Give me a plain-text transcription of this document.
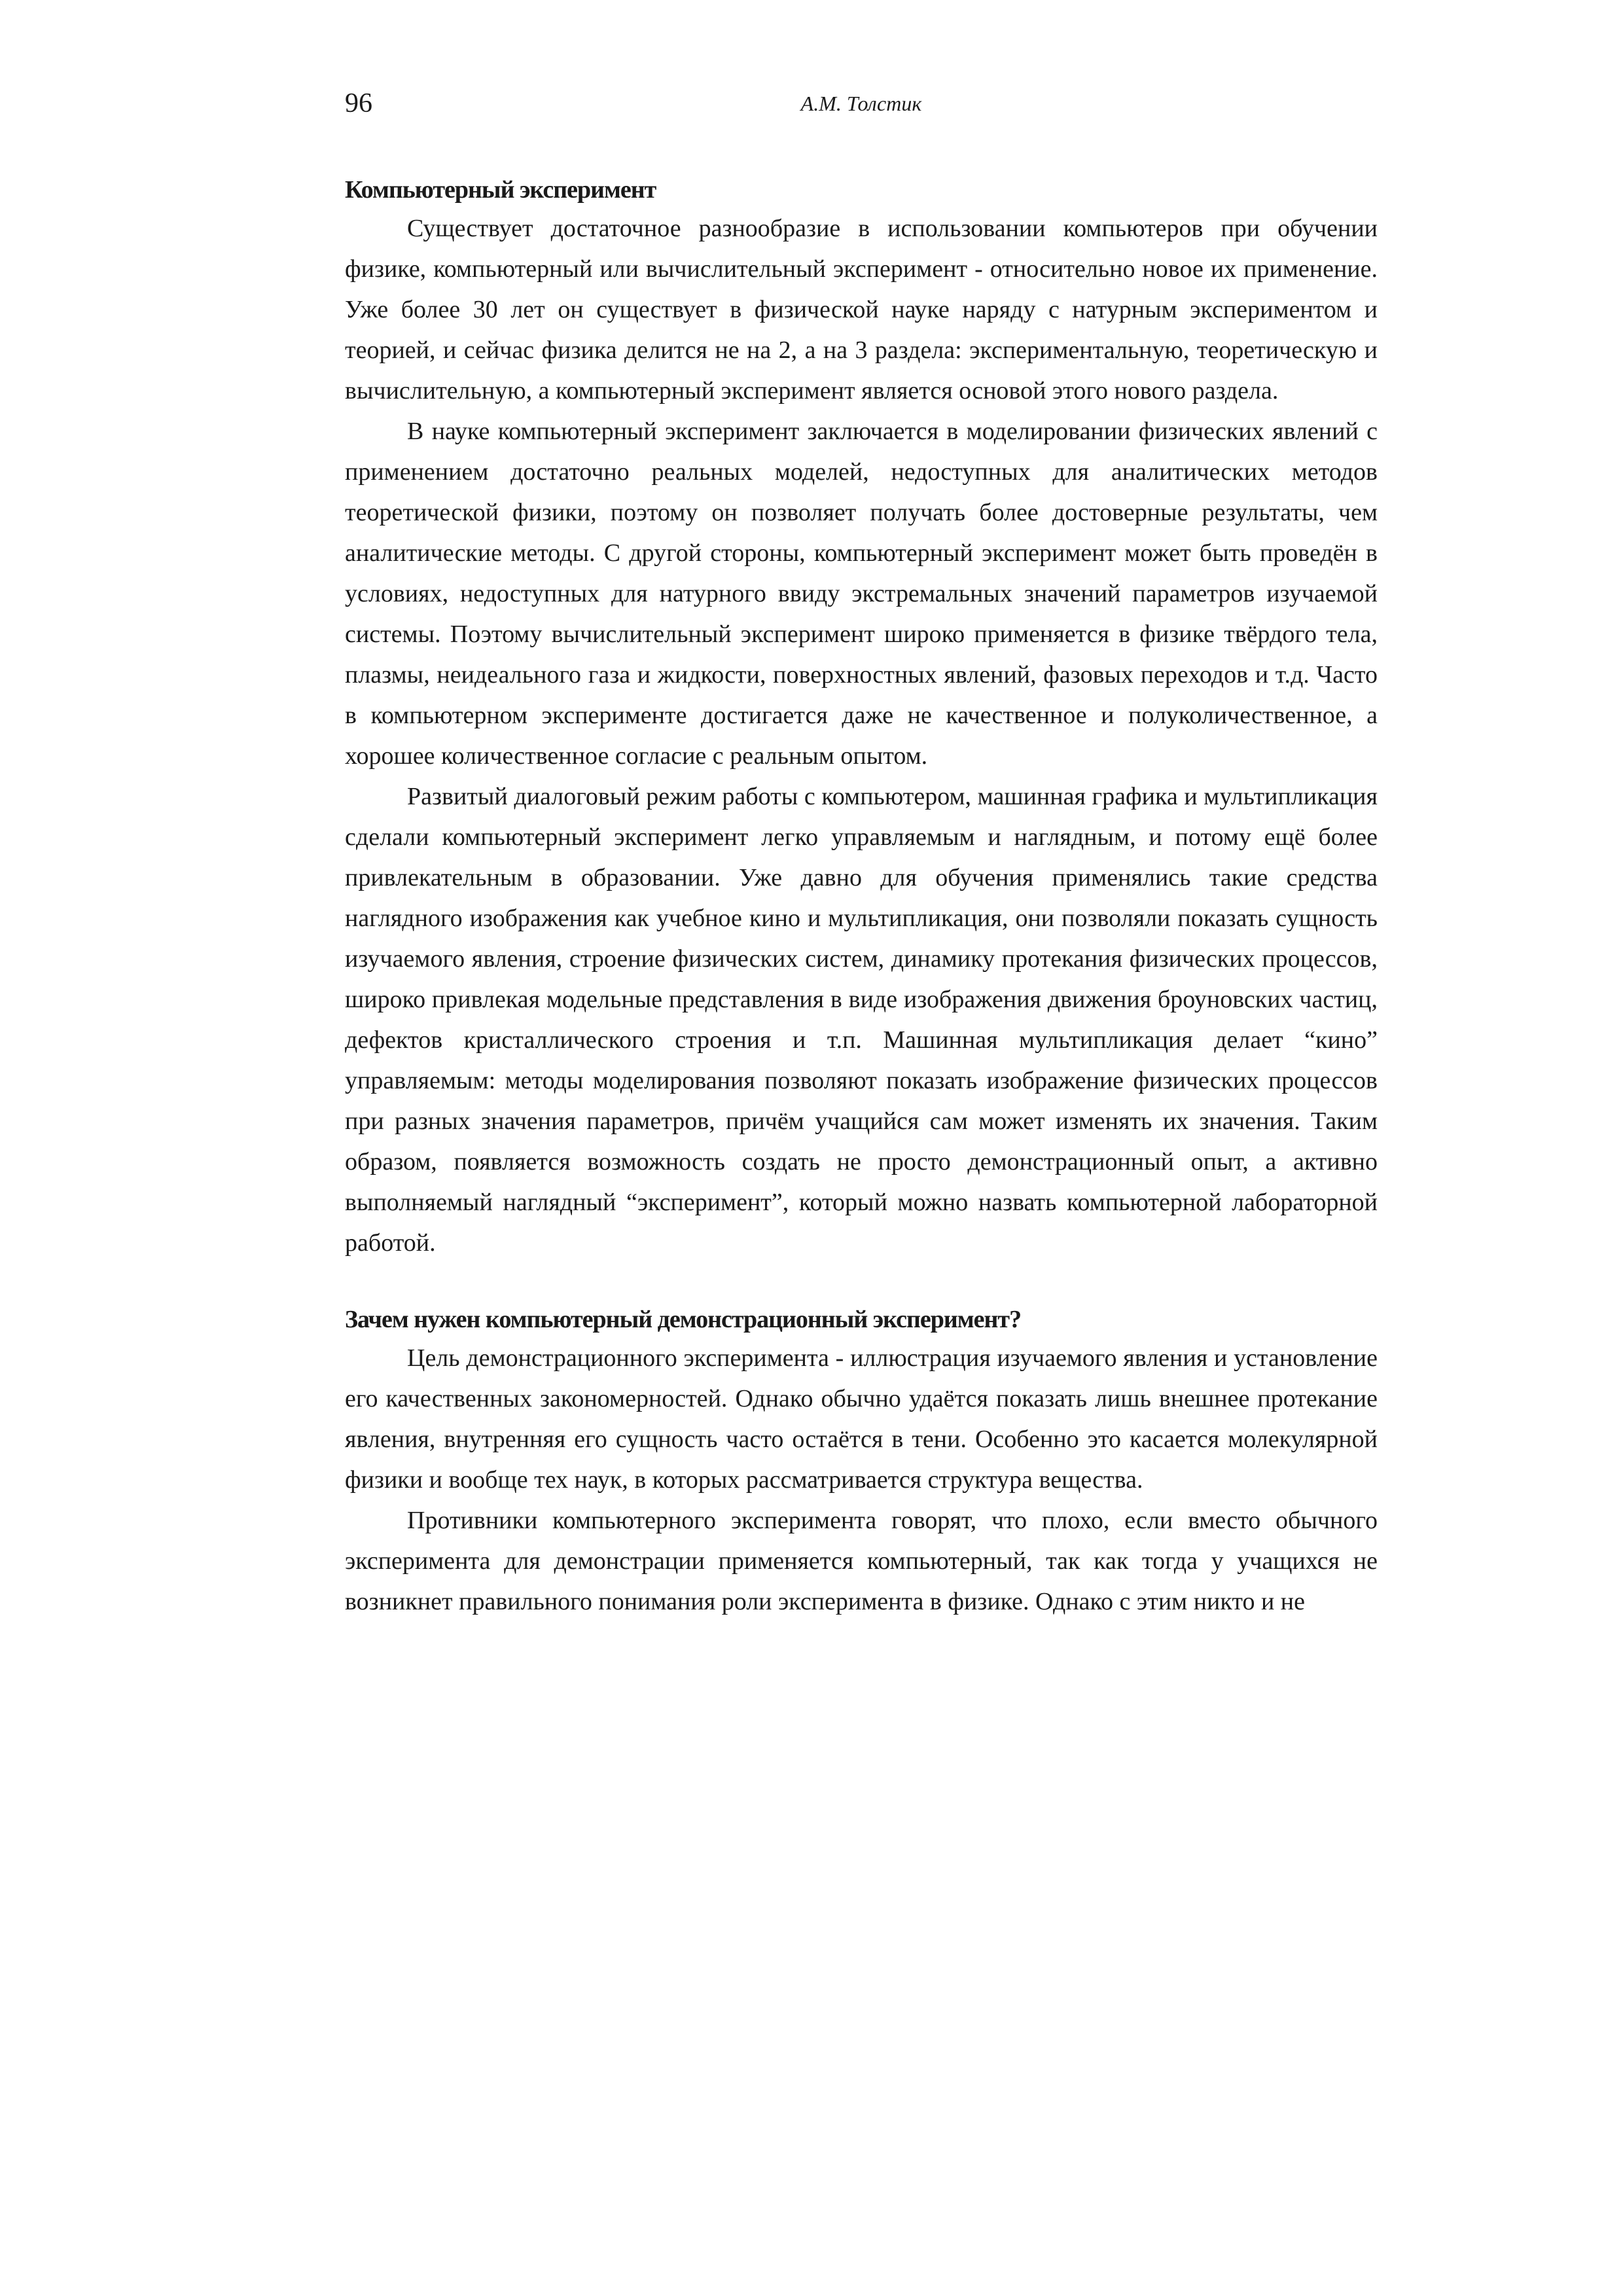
96	А.М. Толстик
Компьютерный эксперимент

Существует достаточное разнообразие в использовании компьютеров при обучении физике, компьютерный или вычислительный эксперимент - относительно новое их применение. Уже более 30 лет он существует в физической науке наряду с натурным экспериментом и теорией, и сейчас физика делится не на 2, а на 3 раздела: экспериментальную, теоретическую и вычислительную, а компьютерный эксперимент является основой этого нового раздела.

В науке компьютерный эксперимент заключается в моделировании физических явлений с применением достаточно реальных моделей, недоступных для аналитических методов теоретической физики, поэтому он позволяет получать более достоверные результаты, чем аналитические методы. С другой стороны, компьютерный эксперимент может быть проведён в условиях, недоступных для натурного ввиду экстремальных значений параметров изучаемой системы. Поэтому вычислительный эксперимент широко применяется в физике твёрдого тела, плазмы, неидеального газа и жидкости, поверхностных явлений, фазовых переходов и т.д. Часто в компьютерном эксперименте достигается даже не качественное и полуколичественное, а хорошее количественное согласие с реальным опытом.

Развитый диалоговый режим работы с компьютером, машинная графика и мультипликация сделали компьютерный эксперимент легко управляемым и наглядным, и потому ещё более привлекательным в образовании. Уже давно для обучения применялись такие средства наглядного изображения как учебное кино и мультипликация, они позволяли показать сущность изучаемого явления, строение физических систем, динамику протекания физических процессов, широко привлекая модельные представления в виде изображения движения броуновских частиц, дефектов кристаллического строения и т.п. Машинная мультипликация делает “кино” управляемым: методы моделирования позволяют показать изображение физических процессов при разных значения параметров, причём учащийся сам может изменять их значения. Таким образом, появляется возможность создать не просто демонстрационный опыт, а активно выполняемый наглядный “эксперимент”, который можно назвать компьютерной лабораторной работой.

Зачем нужен компьютерный демонстрационный эксперимент?

Цель демонстрационного эксперимента - иллюстрация изучаемого явления и установление его качественных закономерностей. Однако обычно удаётся показать лишь внешнее протекание явления, внутренняя его сущность часто остаётся в тени. Особенно это касается молекулярной физики и вообще тех наук, в которых рассматривается структура вещества.

Противники компьютерного эксперимента говорят, что плохо, если вместо обычного эксперимента для демонстрации применяется компьютерный, так как тогда у учащихся не возникнет правильного понимания роли эксперимента в физике. Однако с этим никто и не
